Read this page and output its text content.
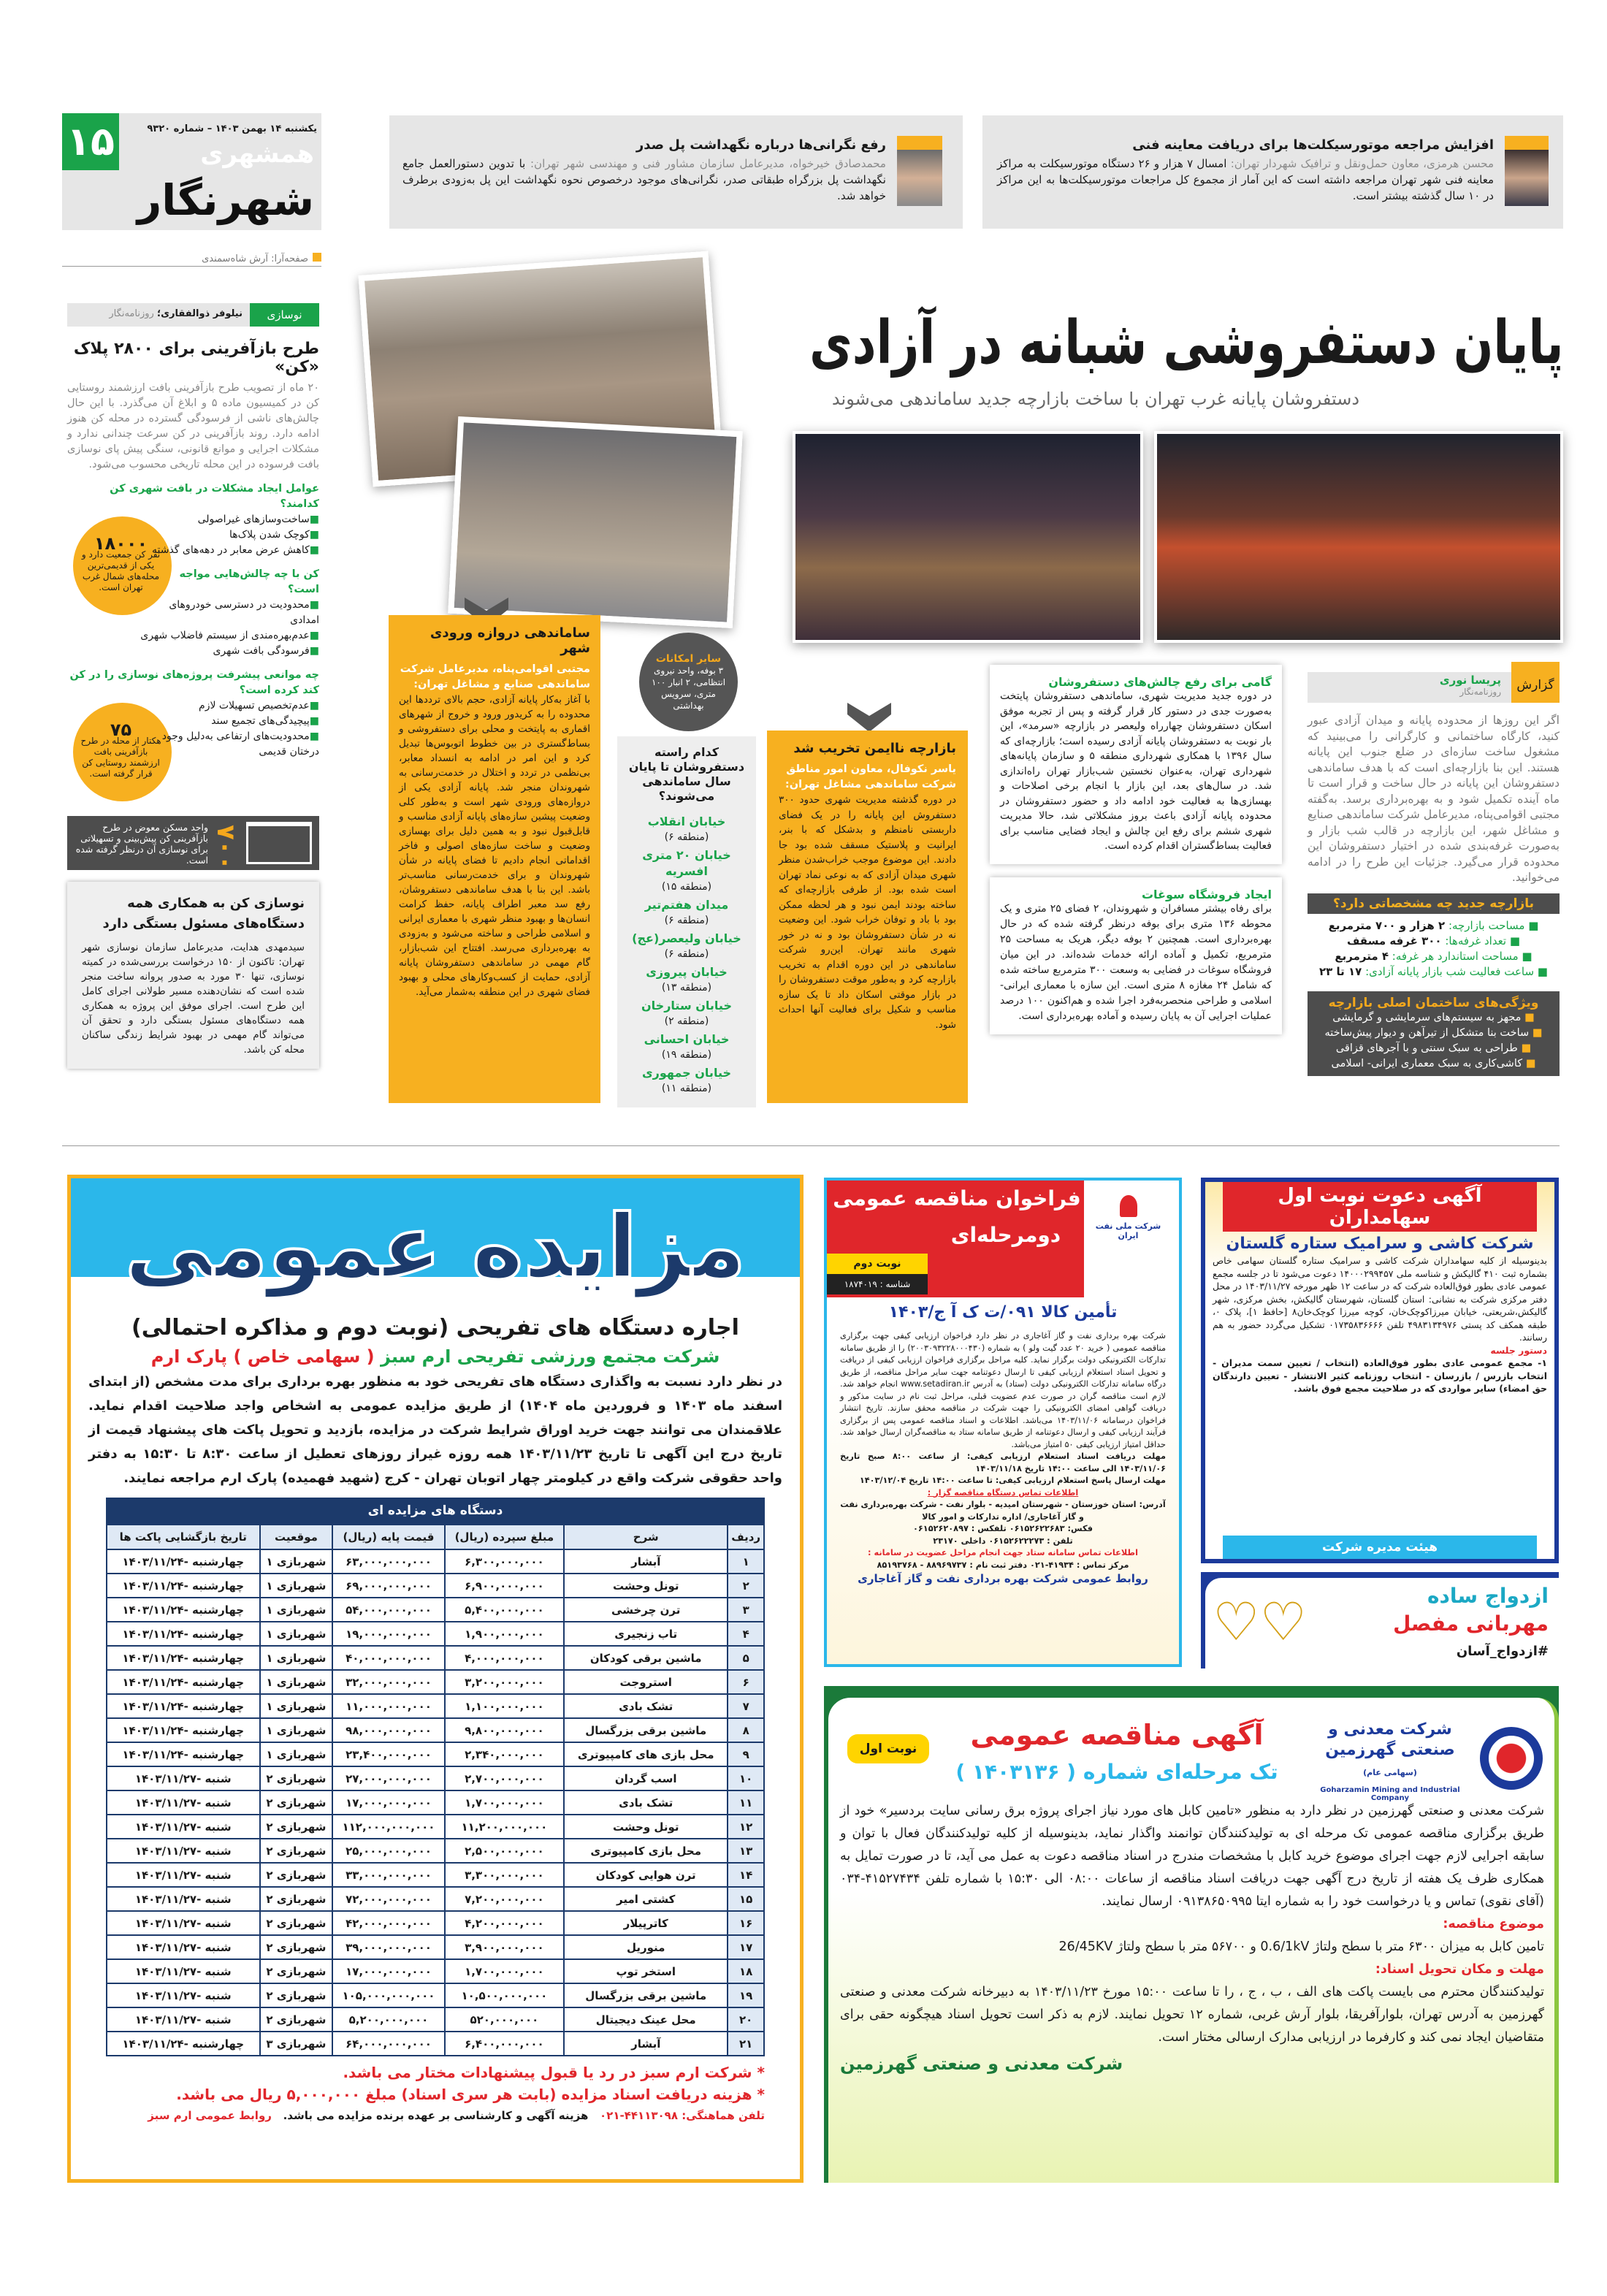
۱۵	یکشنبه ۱۴ بهمن ۱۴۰۳ – شماره ۹۳۲۰
همشهری
شهرنگار
صفحه‌آرا: آرش شاه‌سمندی
افزایش مراجعه موتورسیکلت‌ها برای دریافت معاینه فنی
محسن هرمزی، معاون حمل‌ونقل و ترافیک شهردار تهران: امسال ۷ هزار و ۲۶ دستگاه موتورسیکلت به مراکز معاینه فنی شهر تهران مراجعه داشته است که این آمار از مجموع کل مراجعات موتورسیکلت‌ها به این مراکز در ۱۰ سال گذشته بیشتر است.
رفع نگرانی‌ها درباره نگهداشت پل صدر
محمدصادق خیرخواه، مدیرعامل سازمان مشاور فنی و مهندسی شهر تهران: با تدوین دستورالعمل جامع نگهداشت پل بزرگراه طبقاتی صدر، نگرانی‌های موجود درخصوص نحوه نگهداشت این پل به‌زودی برطرف خواهد شد.
پایان دستفروشی شبانه در آزادی
دستفروشان پایانه غرب تهران با ساخت بازارچه جدید ساماندهی می‌شوند
گزارش
پریسا نوری
روزنامه‌نگار
اگر این روزها از محدوده پایانه و میدان آزادی عبور کنید، کارگاه ساختمانی و کارگرانی را می‌بینید که مشغول ساخت سازه‌ای در ضلع جنوب این پایانه هستند. این بنا بازارچه‌ای است که با هدف ساماندهی دستفروشان این پایانه در حال ساخت و قرار است تا ماه آینده تکمیل شود و به بهره‌برداری برسد. به‌گفته مجتبی اقوامی‌پناه، مدیرعامل شرکت ساماندهی صنایع و مشاغل شهر، این بازارچه در قالب شب بازار و به‌صورت غرفه‌بندی شده در اختیار دستفروشان این محدوده قرار می‌گیرد. جزئیات این طرح را در ادامه می‌خوانید.
بازارچه جدید چه مشخصاتی دارد؟
■ مساحت بازارچه: ۲ هزار و ۷۰۰ مترمربع
■ تعداد غرفه‌ها: ۳۰۰ غرفه مسقف
■ مساحت استاندارد هر غرفه: ۴ مترمربع
■ ساعت فعالیت شب بازار پایانه آزادی: ۱۷ تا ۲۳
ویژگی‌های ساختمان اصلی بازارچه
■ مجهز به سیستم‌های سرمایشی و گرمایشی
■ ساخت بنا متشکل از تیرآهن و دیوار پیش‌ساخته
■ طراحی به سبک سنتی و با آجرهای قزاقی
■ کاشی‌کاری به سبک معماری ایرانی- اسلامی
گامی برای رفع چالش‌های دستفروشان
در دوره جدید مدیریت شهری، ساماندهی دستفروشان پایتخت به‌صورت جدی در دستور کار قرار گرفته و پس از تجربه موفق اسکان دستفروشان چهارراه ولیعصر در بازارچه «سرمد»، این بار نوبت به دستفروشان پایانه آزادی رسیده است؛ بازارچه‌ای که سال ۱۳۹۶ با همکاری شهرداری منطقه ۵ و سازمان پایانه‌های شهرداری تهران، به‌عنوان نخستین شب‌بازار تهران راه‌اندازی شد. در سال‌های بعد، این بازار با انجام برخی اصلاحات و بهسازی‌ها به فعالیت خود ادامه داد و حضور دستفروشان در محدوده پایانه آزادی باعث بروز مشکلاتی شد، حالا مدیریت شهری ششم برای رفع این چالش و ایجاد فضایی مناسب برای فعالیت بساط‌گستران اقدام کرده است.
ایجاد فروشگاه سوغات
برای رفاه بیشتر مسافران و شهروندان، ۲ فضای ۲۵ متری و یک محوطه ۱۳۶ متری برای بوفه درنظر گرفته شده که در حال بهره‌برداری است. همچنین ۲ بوفه دیگر، هریک به مساحت ۲۵ مترمربع، تکمیل و آماده ارائه خدمات شده‌اند. در این میان فروشگاه سوغات در فضایی به وسعت ۳۰۰ مترمربع ساخته شده که شامل ۲۴ مغازه ۸ متری است. این سازه با معماری ایرانی- اسلامی و طراحی منحصربه‌فرد اجرا شده و هم‌اکنون ۱۰۰ درصد عملیات اجرایی آن به پایان رسیده و آماده بهره‌برداری است.
بازارچه ناایمن تخریب شد
یاسر نکوفال، معاون امور مناطق شرکت ساماندهی مشاغل تهران:
در دوره گذشته مدیریت شهری حدود ۳۰۰ دستفروش این پایانه را در یک فضای داربستی نامنظم و بدشکل که با بنر، ایرانیت و پلاستیک مسقف شده بود جا دادند. این موضوع موجب خراب‌شدن منظر شهری میدان آزادی که به نوعی نماد تهران است شده بود. از طرفی بازارچه‌ای که ساخته بودند ایمن نبود و هر لحظه ممکن بود با باد و توفان خراب شود. این وضعیت نه در شأن دستفروشان بود و نه در خور شهری مانند تهران. این‌رو شرکت ساماندهی در این دوره اقدام به تخریب بازارچه کرد و به‌طور موقت دستفروشان را در بازار موقتی اسکان داد تا یک سازه مناسب و شکیل برای فعالیت آنها احداث شود.
سایر امکانات
۳ بوفه، واحد نیروی انتظامی، ۲ انبار ۱۰۰ متری، سرویس بهداشتی
کدام راسته دستفروشان تا پایان سال ساماندهی می‌شوند؟
خیابان انقلاب
(منطقه ۶)
خیابان ۲۰ متری افسریه
(منطقه ۱۵)
میدان هفتم‌تیر
(منطقه ۶)
خیابان ولیعصر(عج)
(منطقه ۶)
خیابان پیروزی
(منطقه ۱۳)
خیابان ستارخان
(منطقه ۲)
خیابان احسانی
(منطقه ۱۹)
خیابان جمهوری
(منطقه ۱۱)
ساماندهی دروازه ورودی شهر
مجتبی اقوامی‌پناه، مدیرعامل شرکت ساماندهی صنایع و مشاغل تهران:
با آغاز به‌کار پایانه آزادی، حجم بالای ترددها این محدوده را به کریدور ورود و خروج از شهرهای اقماری به پایتخت و محلی برای دستفروشی و بساط‌گستری در بین خطوط اتوبوس‌ها تبدیل کرد و این امر در ادامه به انسداد معابر، بی‌نظمی در تردد و اختلال در خدمت‌رسانی به شهروندان منجر شد. پایانه آزادی یکی از دروازه‌های ورودی شهر است و به‌طور کلی وضعیت پیشین سازه‌های پایانه آزادی مناسب و قابل‌قبول نبود و به همین دلیل برای بهسازی وضعیت و ساخت سازه‌های اصولی و فاخر اقداماتی انجام دادیم تا فضای پایانه در شأن شهروندان و برای خدمت‌رسانی مناسب‌تر باشد. این بنا با هدف ساماندهی دستفروشان، رفع سد معبر اطراف پایانه، حفظ کرامت انسان‌ها و بهبود منظر شهری با معماری ایرانی و اسلامی طراحی و ساخته می‌شود و به‌زودی به بهره‌برداری می‌رسد. افتتاح این شب‌بازار، گام مهمی در ساماندهی دستفروشان پایانه آزادی، حمایت از کسب‌وکارهای محلی و بهبود فضای شهری در این منطقه به‌شمار می‌آید.
نوسازی
نیلوفر ذوالفقاری؛ روزنامه‌نگار
طرح بازآفرینی برای ۲۸۰۰ پلاک «کن»
۲۰ ماه از تصویب طرح بازآفرینی بافت ارزشمند روستایی کن در کمیسیون ماده ۵ و ابلاغ آن می‌گذرد. با این حال چالش‌های ناشی از فرسودگی گسترده در محله کن هنوز ادامه دارد. روند بازآفرینی در کن سرعت چندانی ندارد و مشکلات اجرایی و موانع قانونی، سنگی پیش پای نوسازی بافت فرسوده در این محله تاریخی محسوب می‌شود.
عوامل ایجاد مشکلات در بافت شهری کن کدامند؟
۱۸۰۰۰
نفر کن جمعیت دارد و یکی از قدیمی‌ترین محله‌های شمال غرب تهران است.
■ساخت‌وسازهای غیراصولی
■کوچک شدن پلاک‌ها
■کاهش عرض معابر در دهه‌های گذشته
کن با چه چالش‌هایی مواجه است؟
■محدودیت در دسترسی خودروهای امدادی
■عدم‌بهره‌مندی از سیستم فاضلاب شهری
■فرسودگی بافت شهری
چه موانعی پیشرفت پروژه‌های نوسازی را در کن کند کرده است؟
۷۵
هکتار از محله در طرح بازآفرینی بافت ارزشمند روستایی کن قرار گرفته است.
■عدم‌تخصیص تسهیلات لازم
■پیچیدگی‌های تجمیع سند
■محدودیت‌های ارتفاعی به‌دلیل وجود درختان قدیمی
۷۰۰
واحد مسکن معوض در طرح بازآفرینی کن پیش‌بینی و تسهیلاتی برای نوسازی آن درنظر گرفته شده است.
نوسازی کن به همکاری همه دستگاه‌های مسئول بستگی دارد
سیدمهدی هدایت، مدیرعامل سازمان نوسازی شهر تهران: تاکنون از ۱۵۰ درخواست بررسی‌شده در کمیته نوسازی، تنها ۳۰ مورد به صدور پروانه ساخت منجر شده است که نشان‌دهنده مسیر طولانی اجرای کامل این طرح است. اجرای موفق این پروژه به همکاری همه دستگاه‌های مسئول بستگی دارد و تحقق آن می‌تواند گام مهمی در بهبود شرایط زندگی ساکنان محله کن باشد.
مزایده عمومی
اجاره دستگاه های تفریحی (نوبت دوم و مذاکره احتمالی)
شرکت مجتمع ورزشی تفریحی ارم سبز ( سهامی خاص ) پارک ارم
در نظر دارد نسبت به واگذاری دستگاه های تفریحی خود به منظور بهره برداری برای مدت مشخص (از ابتدای اسفند ماه ۱۴۰۳ و فروردین ماه ۱۴۰۴) از طریق مزایده عمومی به اشخاص واجد صلاحیت اقدام نماید. علاقمندان می توانند جهت خرید اوراق شرایط شرکت در مزایده، بازدید و تحویل پاکت های پیشنهاد قیمت از تاریخ درج این آگهی تا تاریخ ۱۴۰۳/۱۱/۲۳ همه روزه غیراز روزهای تعطیل از ساعت ۸:۳۰ تا ۱۵:۳۰ به دفتر واحد حقوقی شرکت واقع در کیلومتر چهار اتوبان تهران - کرج (شهید فهمیده) پارک ارم مراجعه نمایند.
دستگاه های مزایده ای
ردیف	شرح	مبلغ سپرده (ریال)	قیمت پایه (ریال)	موقعیت	تاریخ بازگشایی پاکت ها
۱	آبشار	۶,۳۰۰,۰۰۰,۰۰۰	۶۳,۰۰۰,۰۰۰,۰۰۰	شهربازی ۱	چهارشنبه -۱۴۰۳/۱۱/۲۴
۲	تونل وحشت	۶,۹۰۰,۰۰۰,۰۰۰	۶۹,۰۰۰,۰۰۰,۰۰۰	شهربازی ۱	چهارشنبه -۱۴۰۳/۱۱/۲۴
۳	ترن چرخشی	۵,۴۰۰,۰۰۰,۰۰۰	۵۴,۰۰۰,۰۰۰,۰۰۰	شهربازی ۱	چهارشنبه -۱۴۰۳/۱۱/۲۴
۴	تاب زنجیری	۱,۹۰۰,۰۰۰,۰۰۰	۱۹,۰۰۰,۰۰۰,۰۰۰	شهربازی ۱	چهارشنبه -۱۴۰۳/۱۱/۲۴
۵	ماشین برقی کودکان	۴,۰۰۰,۰۰۰,۰۰۰	۴۰,۰۰۰,۰۰۰,۰۰۰	شهربازی ۱	چهارشنبه -۱۴۰۳/۱۱/۲۴
۶	استروجت	۳,۲۰۰,۰۰۰,۰۰۰	۳۲,۰۰۰,۰۰۰,۰۰۰	شهربازی ۱	چهارشنبه -۱۴۰۳/۱۱/۲۴
۷	تشک بادی	۱,۱۰۰,۰۰۰,۰۰۰	۱۱,۰۰۰,۰۰۰,۰۰۰	شهربازی ۱	چهارشنبه -۱۴۰۳/۱۱/۲۴
۸	ماشین برقی بزرگسال	۹,۸۰۰,۰۰۰,۰۰۰	۹۸,۰۰۰,۰۰۰,۰۰۰	شهربازی ۱	چهارشنبه -۱۴۰۳/۱۱/۲۴
۹	محل بازی های کامپیوتری	۲,۳۴۰,۰۰۰,۰۰۰	۲۳,۴۰۰,۰۰۰,۰۰۰	شهربازی ۱	چهارشنبه -۱۴۰۳/۱۱/۲۴
۱۰	اسب گردان	۲,۷۰۰,۰۰۰,۰۰۰	۲۷,۰۰۰,۰۰۰,۰۰۰	شهربازی ۲	شنبه -۱۴۰۳/۱۱/۲۷
۱۱	تشک بادی	۱,۷۰۰,۰۰۰,۰۰۰	۱۷,۰۰۰,۰۰۰,۰۰۰	شهربازی ۲	شنبه -۱۴۰۳/۱۱/۲۷
۱۲	تونل وحشت	۱۱,۲۰۰,۰۰۰,۰۰۰	۱۱۲,۰۰۰,۰۰۰,۰۰۰	شهربازی ۲	شنبه -۱۴۰۳/۱۱/۲۷
۱۳	محل بازی کامپیوتری	۲,۵۰۰,۰۰۰,۰۰۰	۲۵,۰۰۰,۰۰۰,۰۰۰	شهربازی ۲	شنبه -۱۴۰۳/۱۱/۲۷
۱۴	ترن هوایی کودکان	۳,۳۰۰,۰۰۰,۰۰۰	۳۳,۰۰۰,۰۰۰,۰۰۰	شهربازی ۲	شنبه -۱۴۰۳/۱۱/۲۷
۱۵	کشتی امیر	۷,۲۰۰,۰۰۰,۰۰۰	۷۲,۰۰۰,۰۰۰,۰۰۰	شهربازی ۲	شنبه -۱۴۰۳/۱۱/۲۷
۱۶	کاترپیلار	۴,۲۰۰,۰۰۰,۰۰۰	۴۲,۰۰۰,۰۰۰,۰۰۰	شهربازی ۲	شنبه -۱۴۰۳/۱۱/۲۷
۱۷	منوریل	۳,۹۰۰,۰۰۰,۰۰۰	۳۹,۰۰۰,۰۰۰,۰۰۰	شهربازی ۲	شنبه -۱۴۰۳/۱۱/۲۷
۱۸	استخر توپ	۱,۷۰۰,۰۰۰,۰۰۰	۱۷,۰۰۰,۰۰۰,۰۰۰	شهربازی ۲	شنبه -۱۴۰۳/۱۱/۲۷
۱۹	ماشین برقی بزرگسال	۱۰,۵۰۰,۰۰۰,۰۰۰	۱۰۵,۰۰۰,۰۰۰,۰۰۰	شهربازی ۲	شنبه -۱۴۰۳/۱۱/۲۷
۲۰	محل عینک دیجیتال	۵۲۰,۰۰۰,۰۰۰	۵,۲۰۰,۰۰۰,۰۰۰	شهربازی ۲	شنبه -۱۴۰۳/۱۱/۲۷
۲۱	آبشار	۶,۴۰۰,۰۰۰,۰۰۰	۶۴,۰۰۰,۰۰۰,۰۰۰	شهربازی ۳	چهارشنبه -۱۴۰۳/۱۱/۲۴
* شرکت ارم سبز در رد یا قبول پیشنهادات مختار می باشد.
* هزینه دریافت اسناد مزایده (بابت هر سری اسناد) مبلغ ۵,۰۰۰,۰۰۰ ریال می باشد.
تلفن هماهنگی: ۴۴۱۱۳۰۹۸-۰۲۱   هزینه آگهی و کارشناسی بر عهده برنده مزایده می باشد.   روابط عمومی ارم سبز
فراخوان مناقصه عمومی
دومرحله‌ای
نوبت دوم
شناسه : ۱۸۷۴۰۱۹
شرکت ملی نفت ایران
تأمین کالا ۰۹۱/ت ک آ ج/۱۴۰۳
شرکت بهره برداری نفت و گاز آغاجاری در نظر دارد فراخوان ارزیابی کیفی جهت برگزاری مناقصه عمومی ( خرید ۲۰ عدد گیت ولو ) به شماره (۲۰۰۳۰۹۳۲۲۸۰۰۰۴۳۰) را از طریق سامانه تدارکات الکترونیکی دولت برگزار نماید. کلیه مراحل برگزاری فراخوان ارزیابی کیفی از دریافت و تحویل اسناد استعلام ارزیابی کیفی تا ارسال دعوتنامه جهت سایر مراحل مناقصه، از طریق درگاه سامانه تدارکات الکترونیکی دولت (ستاد) به آدرس www.setadiran.ir انجام خواهد شد. لازم است مناقصه گران در صورت عدم عضویت قبلی، مراحل ثبت نام در سایت مذکور و دریافت گواهی امضای الکترونیکی را جهت شرکت در مناقصه محقق سازند. تاریخ انتشار فراخوان درسامانه ۱۴۰۳/۱۱/۰۶ می‌باشد. اطلاعات و اسناد مناقصه عمومی پس از برگزاری فرآیند ارزیابی کیفی و ارسال دعوتنامه از طریق سامانه ستاد به مناقصه‌گران ارسال خواهد شد. حداقل امتیاز ارزیابی کیفی ۵۰ امتیاز می‌باشد.
مهلت دریافت اسناد استعلام ارزیابی کیفی: از ساعت ۸:۰۰ صبح تاریخ ۱۴۰۳/۱۱/۰۶ الی ساعت ۱۴:۰۰ تاریخ ۱۴۰۳/۱۱/۱۸
مهلت ارسال پاسخ استعلام ارزیابی کیفی: تا ساعت ۱۴:۰۰ تاریخ ۱۴۰۳/۱۲/۰۴
اطلاعات تماس دستگاه مناقصه گزار :
آدرس: استان خوزستان - شهرستان امیدیه - بلوار نفت - شرکت بهره‌برداری نفت و گاز آغاجاری/ اداره تدارکات و امور کالا
فکس: ۰۶۱۵۲۶۲۲۶۸۳ تلفکس : ۰۶۱۵۲۶۲۰۸۹۷
تلفن : ۰۶۱۵۲۶۲۲۲۷۳ داخلی ۲۳۱۷۰
اطلاعات تماس سامانه ستاد جهت انجام مراحل عضویت در سامانه :
مرکز تماس : ۴۱۹۳۴-۰۲۱ دفتر ثبت نام : ۸۸۹۶۹۷۳۷ - ۸۵۱۹۳۷۶۸
روابط عمومی شرکت بهره برداری نفت و گاز آغاجاری
آگهی دعوت نوبت اول سهامداران
شرکت کاشی و سرامیک ستاره گلستان
بدینوسیله از کلیه سهامداران شرکت کاشی و سرامیک ستاره گلستان سهامی خاص بشماره ثبت ۴۱۰ گالیکش و شناسه ملی ۱۴۰۰۰۲۹۹۴۵۷ دعوت می‌شود تا در جلسه مجمع عمومی عادی بطور فوق‌العاده شرکت که در ساعت ۱۲ ظهر مورخه ۱۴۰۳/۱۱/۲۷ در محل دفتر مرکزی شرکت به نشانی: استان گلستان، شهرستان گالیکش، بخش مرکزی، شهر گالیکش،شریعتی، خیابان میرزاکوچک‌خان، کوچه میرزا کوچک‌خان۸ [حافظ ۱]، پلاک ۰، طبقه همکف کد پستی ۴۹۸۳۱۳۴۹۷۶ تلفن ۰۱۷۳۵۸۳۶۶۶۶ تشکیل می‌گردد حضور به هم رسانند.
دستور جلسه
۱- مجمع عمومی عادی بطور فوق‌العاده (انتخاب / تعیین سمت مدیران - انتخاب بازرس / بازرسان - انتخاب روزنامه کثیر الانتشار - تعیین دارندگان حق امضاء) سایر مواردی که در صلاحیت مجمع فوق باشد.
هیئت مدیره شرکت
♡♡	ازدواج ساده
مهربانی مفصل
#ازدواج_آسان
شرکت معدنی و صنعتی گهرزمین (سهامی عام)
Goharzamin Mining and Industrial Company
آگهی مناقصه عمومی
تک مرحله‌ای شماره ( ۱۴۰۳۱۳۶ )
نوبت اول
شرکت معدنی و صنعتی گهرزمین در نظر دارد به منظور «تامین کابل های مورد نیاز اجرای پروژه برق رسانی سایت بردسیر» خود از طریق برگزاری مناقصه عمومی تک مرحله ای به تولیدکنندگان توانمند واگذار نماید، بدینوسیله از کلیه تولیدکنندگان فعال با توان و سابقه اجرایی لازم جهت اجرای موضوع خرید کابل با مشخصات مندرج در اسناد مناقصه دعوت به عمل می آید، تا در صورت تمایل به همکاری ظرف یک هفته از تاریخ درج آگهی جهت دریافت اسناد مناقصه از ساعات ۰۸:۰۰ الی ۱۵:۳۰ با شماره تلفن ۴۱۵۲۷۴۳۴-۰۳۴ (آقای نقوی) تماس و یا درخواست خود را به شماره ایتا ۰۹۱۳۸۶۵۰۹۹۵ ارسال نمایند.
موضوع مناقصه:
تامین کابل به میزان ۶۳۰۰ متر با سطح ولتاژ 0.6/1kV و ۵۶۷۰۰ متر با سطح ولتاژ 26/45KV
مهلت و مکان تحویل اسناد:
تولیدکنندگان محترم می بایست پاکت های الف ، ب ، ج ، را تا ساعت ۱۵:۰۰ مورخ ۱۴۰۳/۱۱/۲۳ به دبیرخانه شرکت معدنی و صنعتی گهرزمین به آدرس تهران، بلوارآفریقا، بلوار آرش غربی، شماره ۱۲ تحویل نمایند. لازم به ذکر است تحویل اسناد هیچگونه حقی برای متقاضیان ایجاد نمی کند و کارفرما در ارزیابی مدارک ارسالی مختار است.
شرکت معدنی و صنعتی گهرزمین
